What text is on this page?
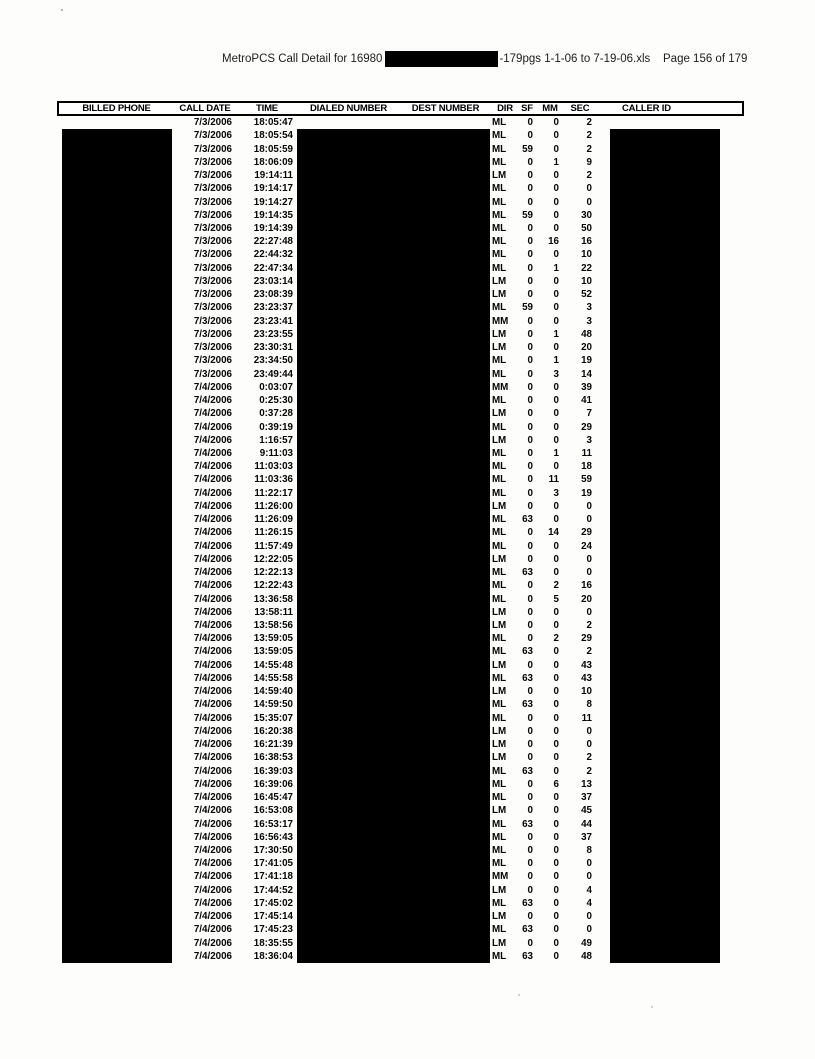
MetroPCS Call Detail for 16980	-179pgs 1-1-06 to 7-19-06.xls Page 156 of 179
BILLED PHONE	CALL DATE	TIME	DIALED NUMBER	DEST NUMBER	DIR SF MM	SEC	CALLER ID
7/3/2006	18:05:47	ML	0	0	2
7/3/2006	18:05:54	ML	0	0	2
7/3/2006	18:05:59	ML	59	0	2
7/3/2006	18:06:09	ML	0	1	9
7/3/2006	19:14:11	LM	0	0	2
7/3/2006	19:14:17	ML	0	0	0
7/3/2006	19:14:27	ML	0	0	0
7/3/2006	19:14:35	ML	59	0	30
7/3/2006	19:14:39	ML	0	0	50
7/3/2006	22:27:48	ML	0	16	16
7/3/2006	22:44:32	ML	0	0	10
7/3/2006	22:47:34	ML	0	1	22
7/3/2006	23:03:14	LM	0	0	10
7/3/2006	23:08:39	LM	0	0	52
7/3/2006	23:23:37	ML	59	0	3
7/3/2006	23:23:41	MM	0	0	3
7/3/2006	23:23:55	LM	0	1	48
7/3/2006	23:30:31	LM	0	0	20
7/3/2006	23:34:50	ML	0	1	19
7/3/2006	23:49:44	ML	0	3	14
7/4/2006	0:03:07	MM	0	0	39
7/4/2006	0:25:30	ML	0	0	41
7/4/2006	0:37:28	LM	0	0	7
7/4/2006	0:39:19	ML	0	0	29
7/4/2006	1:16:57	LM	0	0	3
7/4/2006	9:11:03	ML	0	1	11
7/4/2006	11:03:03	ML	0	0	18
7/4/2006	11:03:36	ML	0	11	59
7/4/2006	11:22:17	ML	0	3	19
7/4/2006	11:26:00	LM	0	0	0
7/4/2006	11:26:09	ML	63	0	0
7/4/2006	11:26:15	ML	0	14	29
7/4/2006	11:57:49	ML	0	0	24
7/4/2006	12:22:05	LM	0	0	0
7/4/2006	12:22:13	ML	63	0	0
7/4/2006	12:22:43	ML	0	2	16
7/4/2006	13:36:58	ML	0	5	20
7/4/2006	13:58:11	LM	0	0	0
7/4/2006	13:58:56	LM	0	0	2
7/4/2006	13:59:05	ML	0	2	29
7/4/2006	13:59:05	ML	63	0	2
7/4/2006	14:55:48	LM	0	0	43
7/4/2006	14:55:58	ML	63	0	43
7/4/2006	14:59:40	LM	0	0	10
7/4/2006	14:59:50	ML	63	0	8
7/4/2006	15:35:07	ML	0	0	11
7/4/2006	16:20:38	LM	0	0	0
7/4/2006	16:21:39	LM	0	0	0
7/4/2006	16:38:53	LM	0	0	2
7/4/2006	16:39:03	ML	63	0	2
7/4/2006	16:39:06	ML	0	6	13
7/4/2006	16:45:47	ML	0	0	37
7/4/2006	16:53:08	LM	0	0	45
7/4/2006	16:53:17	ML	63	0	44
7/4/2006	16:56:43	ML	0	0	37
7/4/2006	17:30:50	ML	0	0	8
7/4/2006	17:41:05	ML	0	0	0
7/4/2006	17:41:18	MM	0	0	0
7/4/2006	17:44:52	LM	0	0	4
7/4/2006	17:45:02	ML	63	0	4
7/4/2006	17:45:14	LM	0	0	0
7/4/2006	17:45:23	ML	63	0	0
7/4/2006	18:35:55	LM	0	0	49
7/4/2006	18:36:04	ML	63	0	48
